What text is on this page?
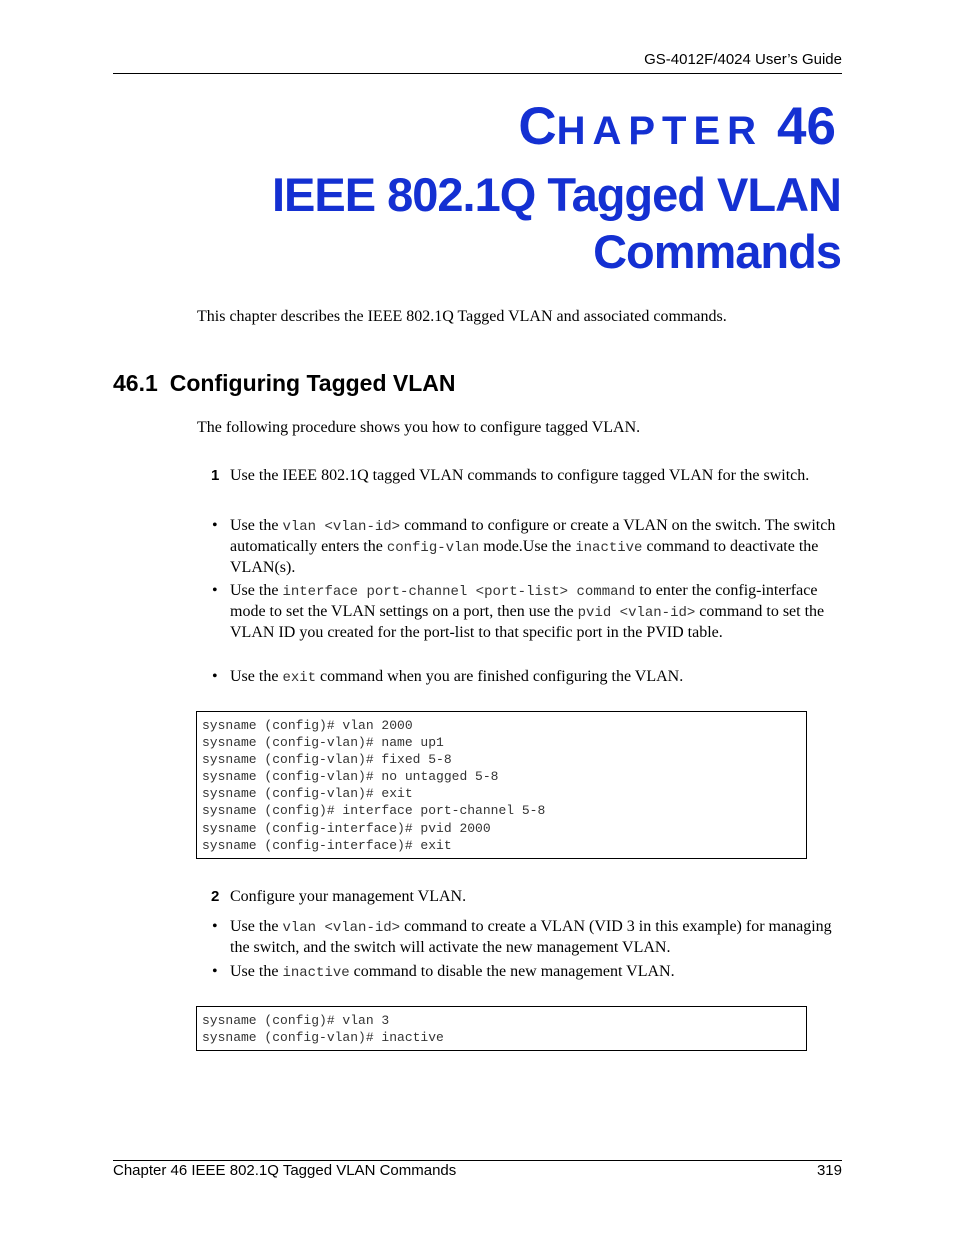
GS-4012F/4024 User’s Guide
CHAPTER 46
IEEE 802.1Q Tagged VLAN
Commands
This chapter describes the IEEE 802.1Q Tagged VLAN and associated commands.
46.1 Configuring Tagged VLAN
The following procedure shows you how to configure tagged VLAN.
1 Use the IEEE 802.1Q tagged VLAN commands to configure tagged VLAN for the switch.
• Use the vlan <vlan-id> command to configure or create a VLAN on the switch. The switch automatically enters the config-vlan mode.Use the inactive command to deactivate the VLAN(s).
• Use the interface port-channel <port-list> command to enter the config-interface mode to set the VLAN settings on a port, then use the pvid <vlan-id> command to set the VLAN ID you created for the port-list to that specific port in the PVID table.
• Use the exit command when you are finished configuring the VLAN.
sysname (config)# vlan 2000
sysname (config-vlan)# name up1
sysname (config-vlan)# fixed 5-8
sysname (config-vlan)# no untagged 5-8
sysname (config-vlan)# exit
sysname (config)# interface port-channel 5-8
sysname (config-interface)# pvid 2000
sysname (config-interface)# exit
2 Configure your management VLAN.
• Use the vlan <vlan-id> command to create a VLAN (VID 3 in this example) for managing the switch, and the switch will activate the new management VLAN.
• Use the inactive command to disable the new management VLAN.
sysname (config)# vlan 3
sysname (config-vlan)# inactive
Chapter 46 IEEE 802.1Q Tagged VLAN Commands	319
